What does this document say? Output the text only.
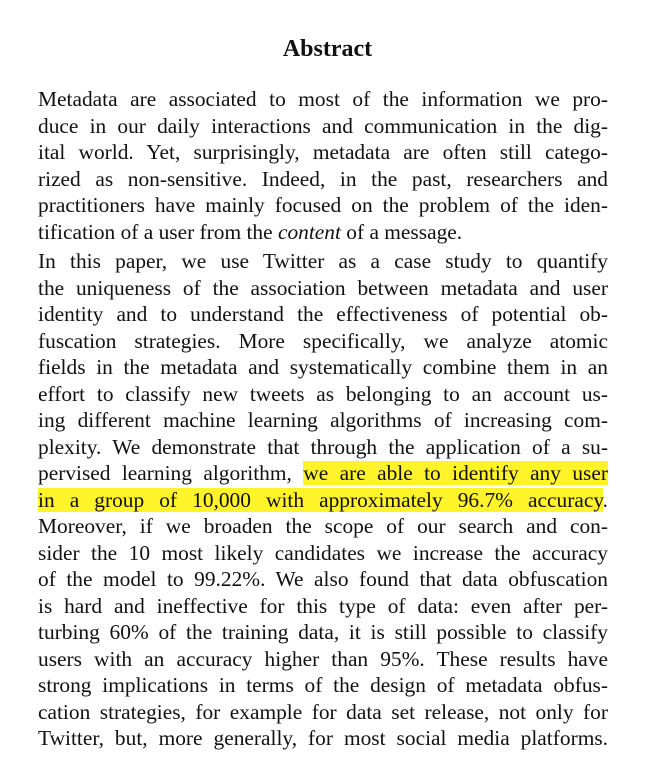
Abstract
Metadata are associated to most of the information we pro-
duce in our daily interactions and communication in the dig-
ital world. Yet, surprisingly, metadata are often still catego-
rized as non-sensitive. Indeed, in the past, researchers and
practitioners have mainly focused on the problem of the iden-
tification of a user from the content of a message.
In this paper, we use Twitter as a case study to quantify
the uniqueness of the association between metadata and user
identity and to understand the effectiveness of potential ob-
fuscation strategies. More specifically, we analyze atomic
fields in the metadata and systematically combine them in an
effort to classify new tweets as belonging to an account us-
ing different machine learning algorithms of increasing com-
plexity. We demonstrate that through the application of a su-
pervised learning algorithm, we are able to identify any user
in a group of 10,000 with approximately 96.7% accuracy.
Moreover, if we broaden the scope of our search and con-
sider the 10 most likely candidates we increase the accuracy
of the model to 99.22%. We also found that data obfuscation
is hard and ineffective for this type of data: even after per-
turbing 60% of the training data, it is still possible to classify
users with an accuracy higher than 95%. These results have
strong implications in terms of the design of metadata obfus-
cation strategies, for example for data set release, not only for
Twitter, but, more generally, for most social media platforms.
